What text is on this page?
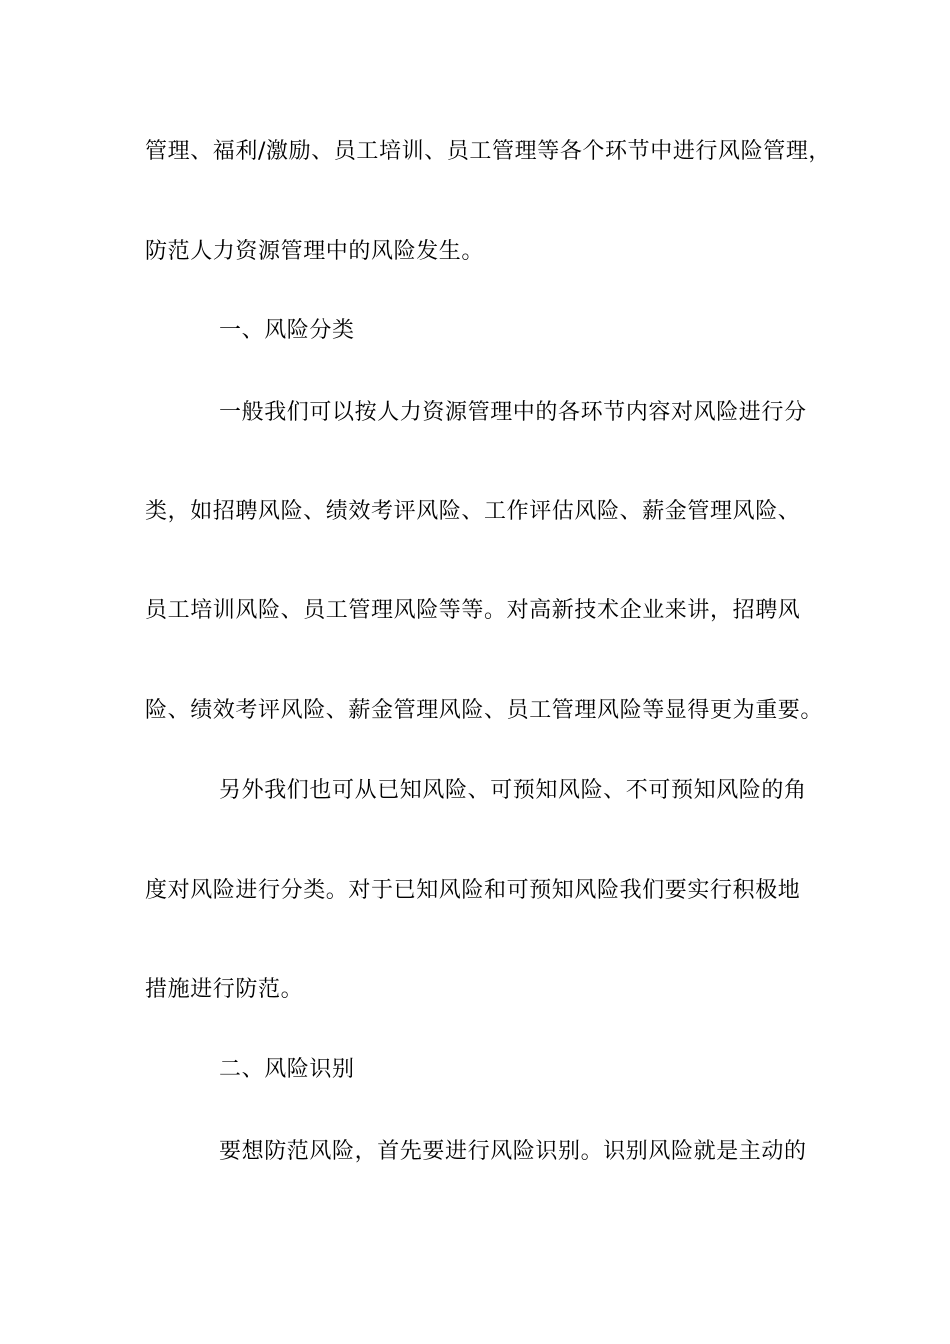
管理、福利/激励、员工培训、员工管理等各个环节中进行风险管理，
防范人力资源管理中的风险发生。
一、风险分类
一般我们可以按人力资源管理中的各环节内容对风险进行分
类，如招聘风险、绩效考评风险、工作评估风险、薪金管理风险、
员工培训风险、员工管理风险等等。对高新技术企业来讲，招聘风
险、绩效考评风险、薪金管理风险、员工管理风险等显得更为重要。
另外我们也可从已知风险、可预知风险、不可预知风险的角
度对风险进行分类。对于已知风险和可预知风险我们要实行积极地
措施进行防范。
二、风险识别
要想防范风险，首先要进行风险识别。识别风险就是主动的
